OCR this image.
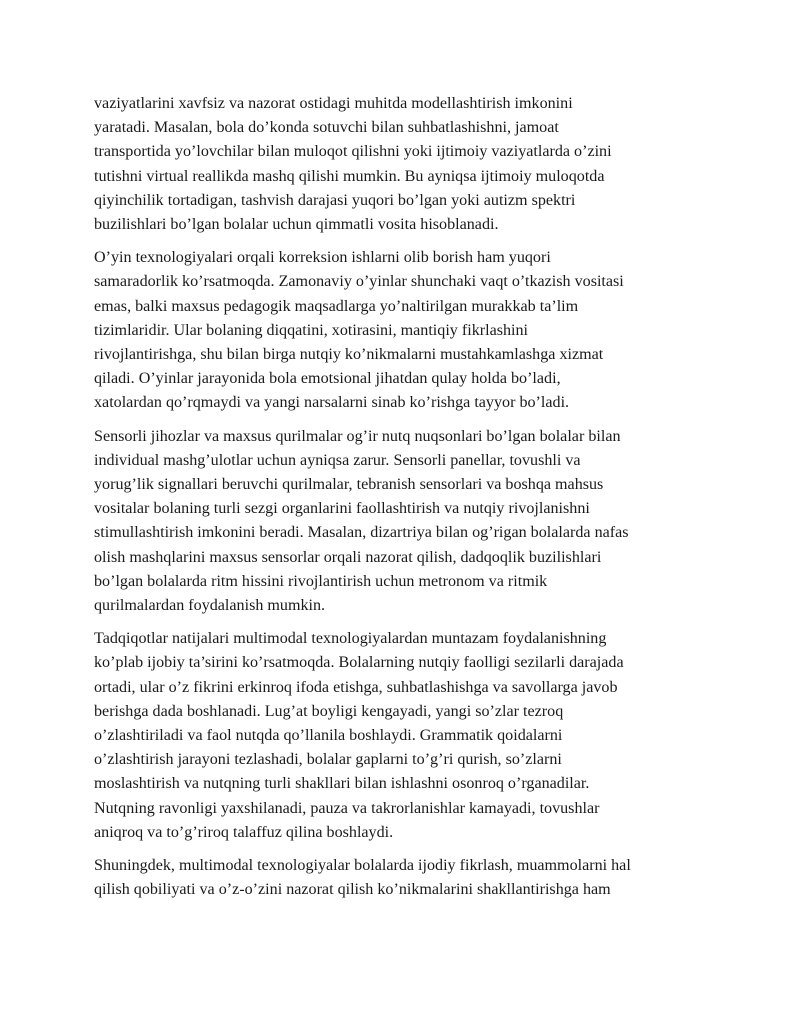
vaziyatlarini xavfsiz va nazorat ostidagi muhitda modellashtirish imkonini
yaratadi. Masalan, bola do’konda sotuvchi bilan suhbatlashishni, jamoat
transportida yo’lovchilar bilan muloqot qilishni yoki ijtimoiy vaziyatlarda o’zini
tutishni virtual reallikda mashq qilishi mumkin. Bu ayniqsa ijtimoiy muloqotda
qiyinchilik tortadigan, tashvish darajasi yuqori bo’lgan yoki autizm spektri
buzilishlari bo’lgan bolalar uchun qimmatli vosita hisoblanadi.

O’yin texnologiyalari orqali korreksion ishlarni olib borish ham yuqori
samaradorlik ko’rsatmoqda. Zamonaviy o’yinlar shunchaki vaqt o’tkazish vositasi
emas, balki maxsus pedagogik maqsadlarga yo’naltirilgan murakkab ta’lim
tizimlaridir. Ular bolaning diqqatini, xotirasini, mantiqiy fikrlashini
rivojlantirishga, shu bilan birga nutqiy ko’nikmalarni mustahkamlashga xizmat
qiladi. O’yinlar jarayonida bola emotsional jihatdan qulay holda bo’ladi,
xatolardan qo’rqmaydi va yangi narsalarni sinab ko’rishga tayyor bo’ladi.

Sensorli jihozlar va maxsus qurilmalar og’ir nutq nuqsonlari bo’lgan bolalar bilan
individual mashg’ulotlar uchun ayniqsa zarur. Sensorli panellar, tovushli va
yorug’lik signallari beruvchi qurilmalar, tebranish sensorlari va boshqa mahsus
vositalar bolaning turli sezgi organlarini faollashtirish va nutqiy rivojlanishni
stimullashtirish imkonini beradi. Masalan, dizartriya bilan og’rigan bolalarda nafas
olish mashqlarini maxsus sensorlar orqali nazorat qilish, dadqoqlik buzilishlari
bo’lgan bolalarda ritm hissini rivojlantirish uchun metronom va ritmik
qurilmalardan foydalanish mumkin.

Tadqiqotlar natijalari multimodal texnologiyalardan muntazam foydalanishning
ko’plab ijobiy ta’sirini ko’rsatmoqda. Bolalarning nutqiy faolligi sezilarli darajada
ortadi, ular o’z fikrini erkinroq ifoda etishga, suhbatlashishga va savollarga javob
berishga dada boshlanadi. Lug’at boyligi kengayadi, yangi so’zlar tezroq
o’zlashtiriladi va faol nutqda qo’llanila boshlaydi. Grammatik qoidalarni
o’zlashtirish jarayoni tezlashadi, bolalar gaplarni to’g’ri qurish, so’zlarni
moslashtirish va nutqning turli shakllari bilan ishlashni osonroq o’rganadilar.
Nutqning ravonligi yaxshilanadi, pauza va takrorlanishlar kamayadi, tovushlar
aniqroq va to’g’riroq talaffuz qilina boshlaydi.

Shuningdek, multimodal texnologiyalar bolalarda ijodiy fikrlash, muammolarni hal
qilish qobiliyati va o’z-o’zini nazorat qilish ko’nikmalarini shakllantirishga ham
